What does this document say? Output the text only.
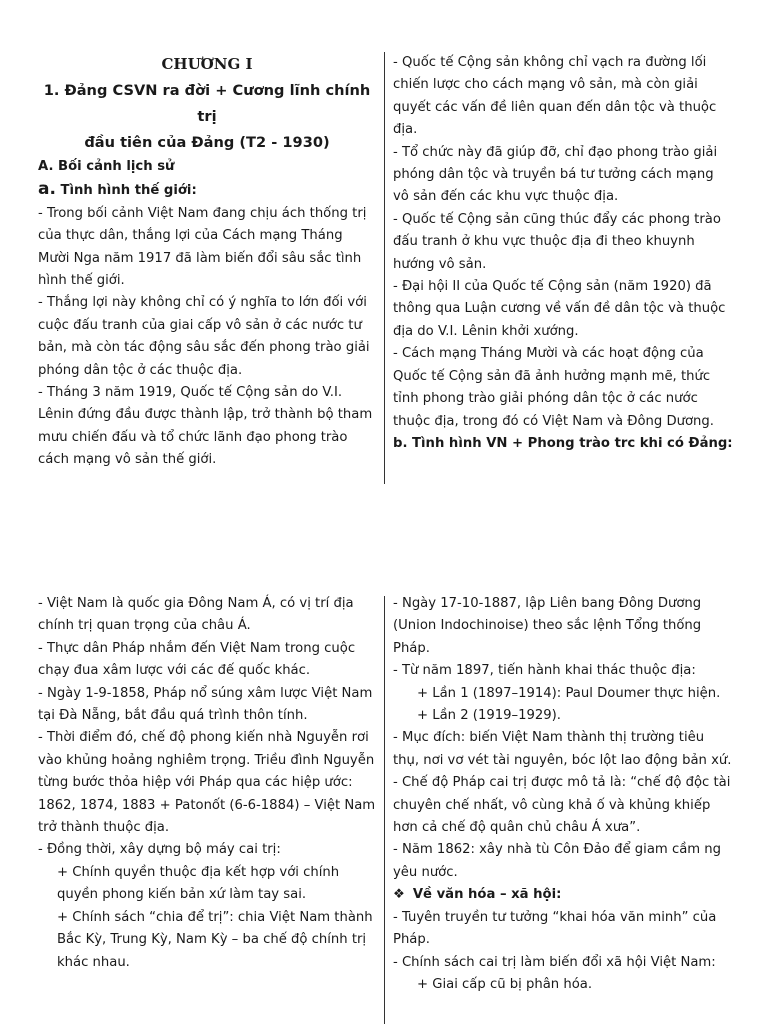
CHƯƠNG I

1. Đảng CSVN ra đời + Cương lĩnh chính trị

đầu tiên của Đảng (T2 - 1930)

A. Bối cảnh lịch sử

a. Tình hình thế giới:

- Trong bối cảnh Việt Nam đang chịu ách thống trị của thực dân, thắng lợi của Cách mạng Tháng Mười Nga năm 1917 đã làm biến đổi sâu sắc tình hình thế giới.

- Thắng lợi này không chỉ có ý nghĩa to lớn đối với cuộc đấu tranh của giai cấp vô sản ở các nước tư bản, mà còn tác động sâu sắc đến phong trào giải phóng dân tộc ở các thuộc địa.

- Tháng 3 năm 1919, Quốc tế Cộng sản do V.I. Lênin đứng đầu được thành lập, trở thành bộ tham mưu chiến đấu và tổ chức lãnh đạo phong trào cách mạng vô sản thế giới.

- Quốc tế Cộng sản không chỉ vạch ra đường lối chiến lược cho cách mạng vô sản, mà còn giải quyết các vấn đề liên quan đến dân tộc và thuộc địa.

- Tổ chức này đã giúp đỡ, chỉ đạo phong trào giải phóng dân tộc và truyền bá tư tưởng cách mạng vô sản đến các khu vực thuộc địa.

- Quốc tế Cộng sản cũng thúc đẩy các phong trào đấu tranh ở khu vực thuộc địa đi theo khuynh hướng vô sản.

- Đại hội II của Quốc tế Cộng sản (năm 1920) đã thông qua Luận cương về vấn đề dân tộc và thuộc địa do V.I. Lênin khởi xướng.

- Cách mạng Tháng Mười và các hoạt động của Quốc tế Cộng sản đã ảnh hưởng mạnh mẽ, thức tỉnh phong trào giải phóng dân tộc ở các nước thuộc địa, trong đó có Việt Nam và Đông Dương.

b. Tình hình VN + Phong trào trc khi có Đảng:

- Việt Nam là quốc gia Đông Nam Á, có vị trí địa chính trị quan trọng của châu Á.

- Thực dân Pháp nhắm đến Việt Nam trong cuộc chạy đua xâm lược với các đế quốc khác.

- Ngày 1-9-1858, Pháp nổ súng xâm lược Việt Nam tại Đà Nẵng, bắt đầu quá trình thôn tính.

- Thời điểm đó, chế độ phong kiến nhà Nguyễn rơi vào khủng hoảng nghiêm trọng. Triều đình Nguyễn từng bước thỏa hiệp với Pháp qua các hiệp ước: 1862, 1874, 1883 + Patonốt (6-6-1884) – Việt Nam trở thành thuộc địa.

- Đồng thời, xây dựng bộ máy cai trị:

+ Chính quyền thuộc địa kết hợp với chính quyền phong kiến bản xứ làm tay sai.

+ Chính sách “chia để trị”: chia Việt Nam thành Bắc Kỳ, Trung Kỳ, Nam Kỳ – ba chế độ chính trị khác nhau.

- Ngày 17-10-1887, lập Liên bang Đông Dương (Union Indochinoise) theo sắc lệnh Tổng thống Pháp.

- Từ năm 1897, tiến hành khai thác thuộc địa:

+ Lần 1 (1897–1914): Paul Doumer thực hiện.

+ Lần 2 (1919–1929).

- Mục đích: biến Việt Nam thành thị trường tiêu thụ, nơi vơ vét tài nguyên, bóc lột lao động bản xứ.

- Chế độ Pháp cai trị được mô tả là: “chế độ độc tài chuyên chế nhất, vô cùng khả ố và khủng khiếp hơn cả chế độ quân chủ châu Á xưa”.

- Năm 1862: xây nhà tù Côn Đảo để giam cầm ng yêu nước.

❖ Về văn hóa – xã hội:

- Tuyên truyền tư tưởng “khai hóa văn minh” của Pháp.

- Chính sách cai trị làm biến đổi xã hội Việt Nam:

+ Giai cấp cũ bị phân hóa.
